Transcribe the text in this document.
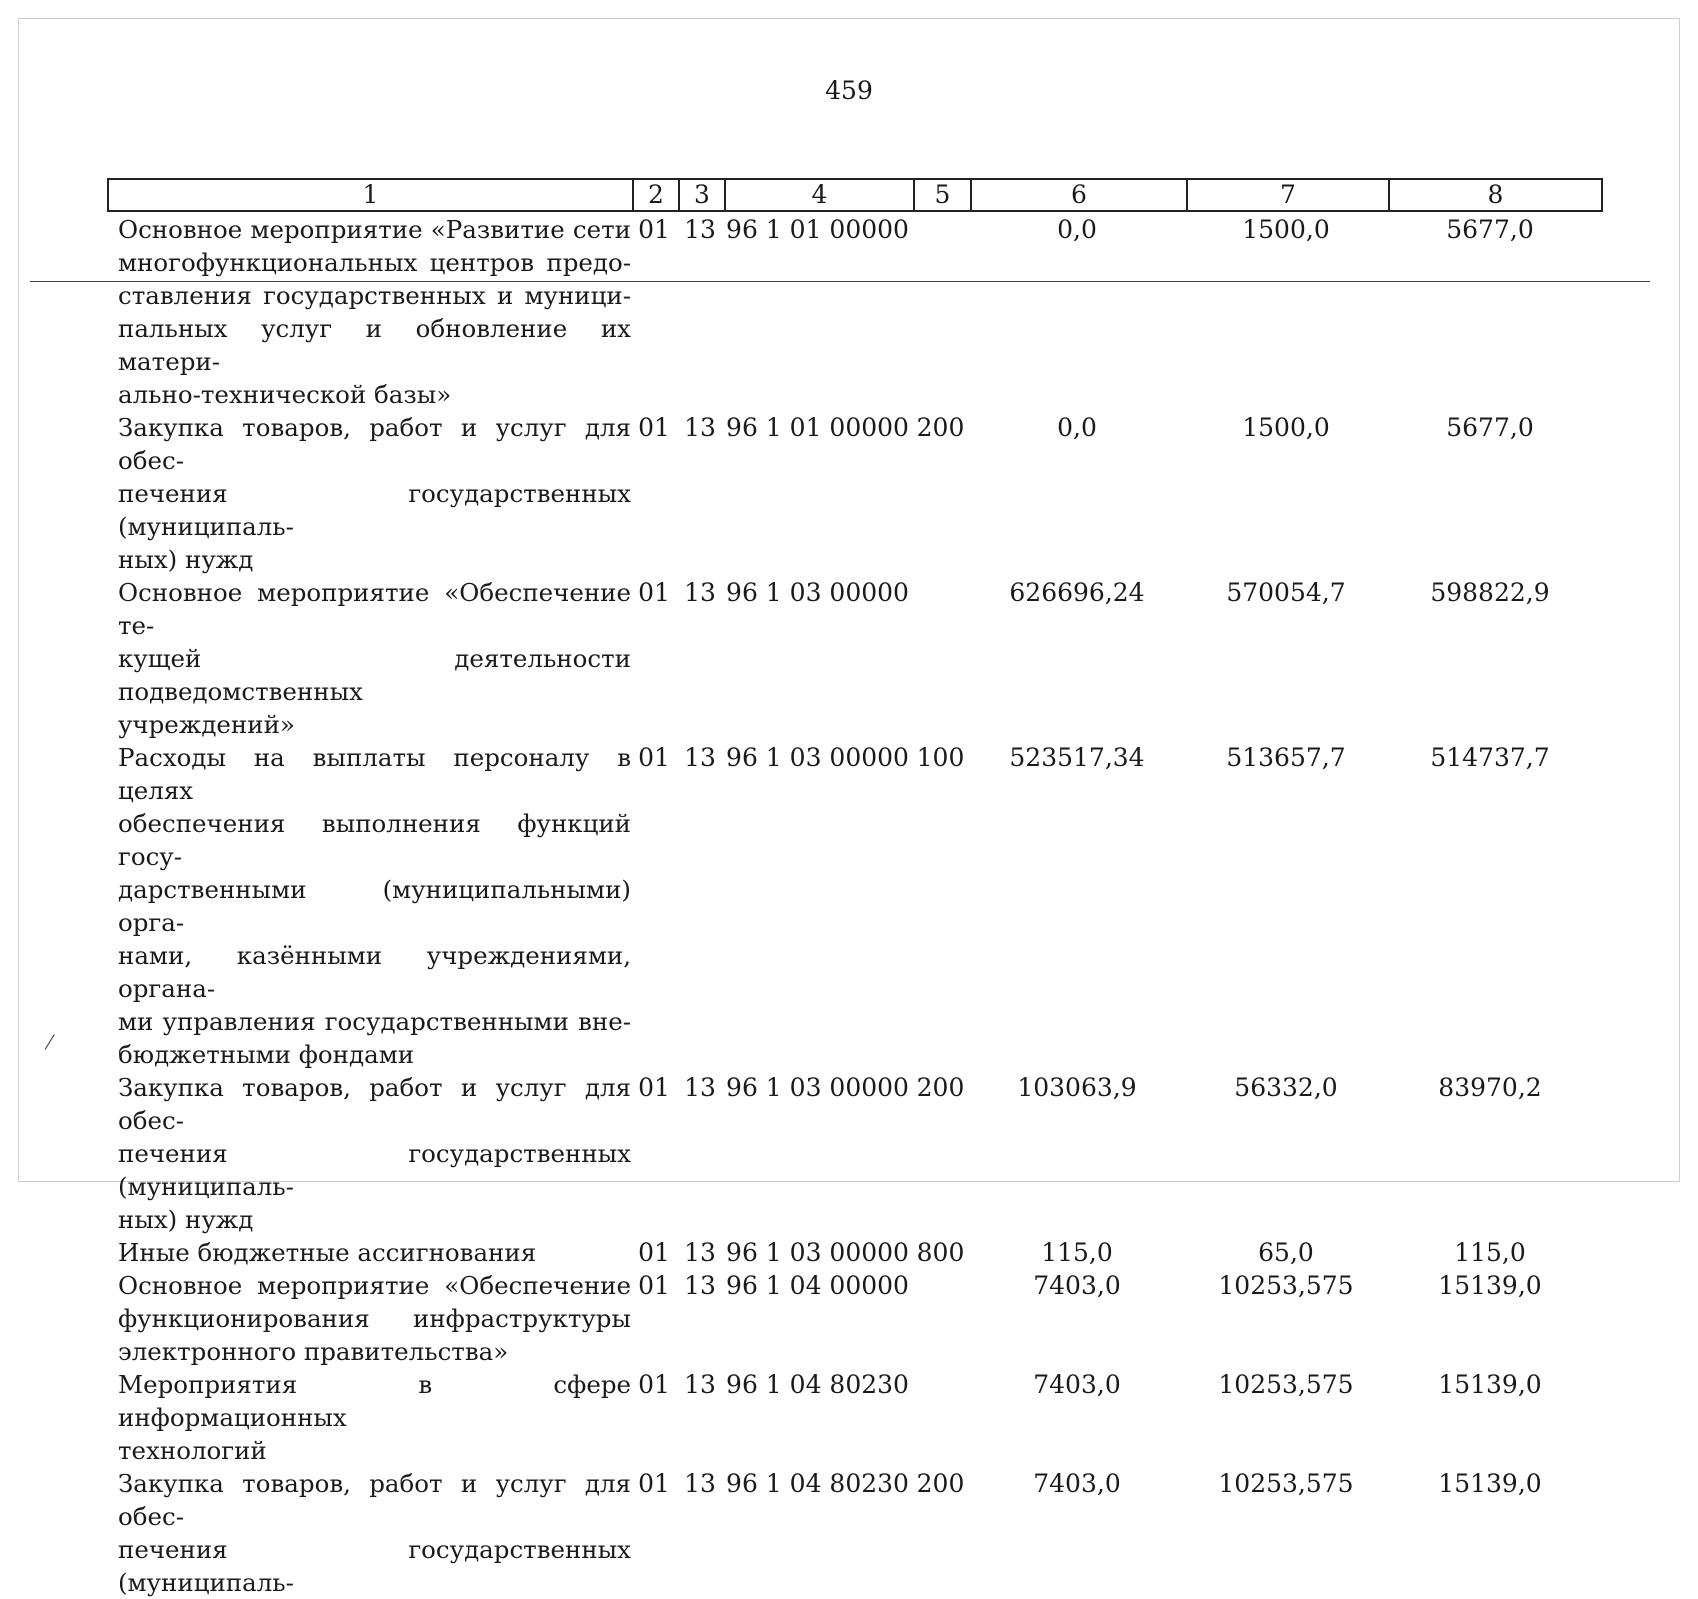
459
1	2	3	4	5	6	7	8
Основное мероприятие «Развитие сети
многофункциональных центров предо-
ставления государственных и муници-
пальных услуг и обновление их матери-
ально-технической базы»
01 13 96 1 01 00000	0,0	1500,0	5677,0
Закупка товаров, работ и услуг для обес-
печения государственных (муниципаль-
ных) нужд
01 13 96 1 01 00000 200	0,0	1500,0	5677,0
Основное мероприятие «Обеспечение те-
кущей деятельности подведомственных
учреждений»
01 13 96 1 03 00000	626696,24	570054,7	598822,9
Расходы на выплаты персоналу в целях
обеспечения выполнения функций госу-
дарственными (муниципальными) орга-
нами, казёнными учреждениями, органа-
ми управления государственными вне-
бюджетными фондами
01 13 96 1 03 00000 100	523517,34	513657,7	514737,7
Закупка товаров, работ и услуг для обес-
печения государственных (муниципаль-
ных) нужд
01 13 96 1 03 00000 200	103063,9	56332,0	83970,2
Иные бюджетные ассигнования	01 13 96 1 03 00000 800	115,0	65,0	115,0
Основное мероприятие «Обеспечение
функционирования инфраструктуры
электронного правительства»
01 13 96 1 04 00000	7403,0	10253,575	15139,0
Мероприятия в сфере информационных
технологий
01 13 96 1 04 80230	7403,0	10253,575	15139,0
Закупка товаров, работ и услуг для обес-
печения государственных (муниципаль-
01 13 96 1 04 80230 200	7403,0	10253,575	15139,0
⁄
